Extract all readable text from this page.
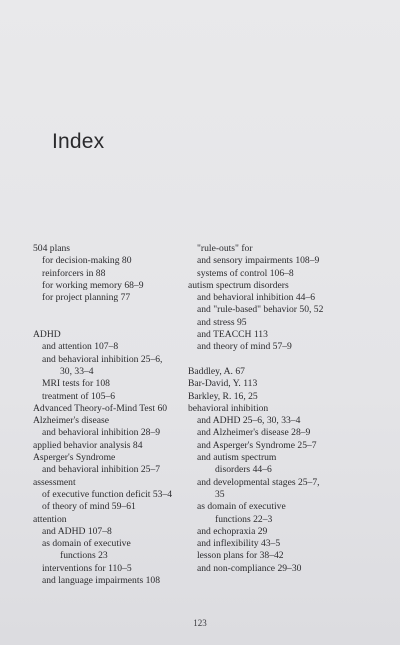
Index
504 plans
for decision-making 80
reinforcers in 88
for working memory 68–9
for project planning 77
ADHD
and attention 107–8
and behavioral inhibition 25–6,
30, 33–4
MRI tests for 108
treatment of 105–6
Advanced Theory-of-Mind Test 60
Alzheimer's disease
and behavioral inhibition 28–9
applied behavior analysis 84
Asperger's Syndrome
and behavioral inhibition 25–7
assessment
of executive function deficit 53–4
of theory of mind 59–61
attention
and ADHD 107–8
as domain of executive
functions 23
interventions for 110–5
and language impairments 108
"rule-outs" for
and sensory impairments 108–9
systems of control 106–8
autism spectrum disorders
and behavioral inhibition 44–6
and "rule-based" behavior 50, 52
and stress 95
and TEACCH 113
and theory of mind 57–9
Baddley, A. 67
Bar-David, Y. 113
Barkley, R. 16, 25
behavioral inhibition
and ADHD 25–6, 30, 33–4
and Alzheimer's disease 28–9
and Asperger's Syndrome 25–7
and autism spectrum
disorders 44–6
and developmental stages 25–7,
35
as domain of executive
functions 22–3
and echopraxia 29
and inflexibility 43–5
lesson plans for 38–42
and non-compliance 29–30
123
